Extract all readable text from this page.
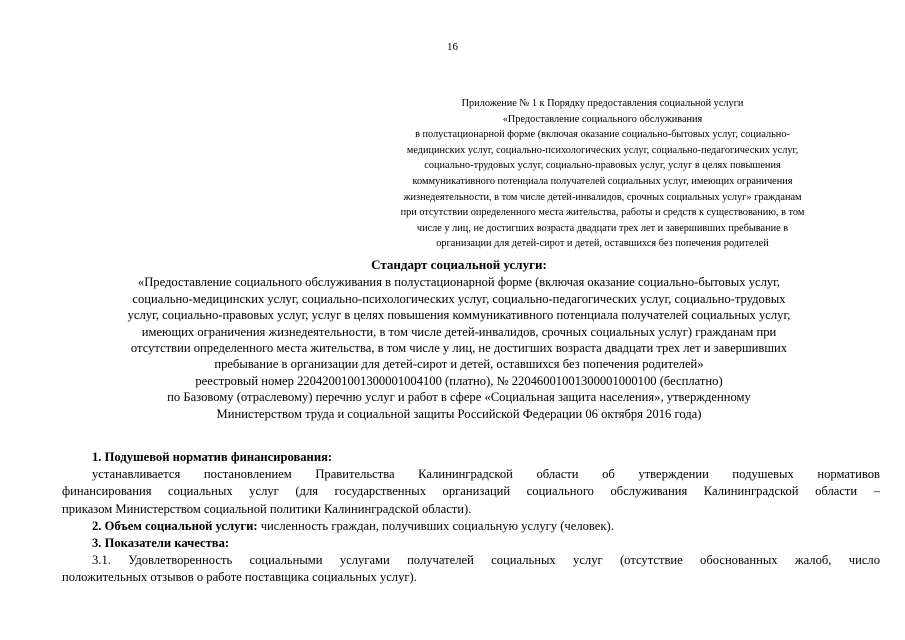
16
Приложение № 1 к Порядку предоставления социальной услуги
«Предоставление социального обслуживания
в полустационарной форме (включая оказание социально-бытовых услуг, социально-
медицинских услуг, социально-психологических услуг, социально-педагогических услуг,
социально-трудовых услуг, социально-правовых услуг, услуг в целях повышения
коммуникативного потенциала получателей социальных услуг, имеющих ограничения
жизнедеятельности, в том числе детей-инвалидов, срочных социальных услуг» гражданам
при отсутствии определенного места жительства, работы и средств к существованию, в том
числе у лиц, не достигших возраста двадцати трех лет и завершивших пребывание в
организации для детей-сирот и детей, оставшихся без попечения родителей
Стандарт социальной услуги:
«Предоставление социального обслуживания в полустационарной форме (включая оказание социально-бытовых услуг,
социально-медицинских услуг, социально-психологических услуг, социально-педагогических услуг, социально-трудовых
услуг, социально-правовых услуг, услуг в целях повышения коммуникативного потенциала получателей социальных услуг,
имеющих ограничения жизнедеятельности, в том числе детей-инвалидов, срочных социальных услуг) гражданам при
отсутствии определенного места жительства, в том числе у лиц, не достигших возраста двадцати трех лет и завершивших
пребывание в организации для детей-сирот и детей, оставшихся без попечения родителей»
реестровый номер 22042001001300001004100 (платно), № 22046001001300001000100 (бесплатно)
по Базовому (отраслевому) перечню услуг и работ в сфере «Социальная защита населения», утвержденному
Министерством труда и социальной защиты Российской Федерации 06 октября 2016 года)
1. Подушевой норматив финансирования:
устанавливается постановлением Правительства Калининградской области об утверждении подушевых нормативов
финансирования социальных услуг (для государственных организаций социального обслуживания Калининградской области –
приказом Министерством социальной политики Калининградской области).
2. Объем социальной услуги: численность граждан, получивших социальную услугу (человек).
3. Показатели качества:
3.1. Удовлетворенность социальными услугами получателей социальных услуг (отсутствие обоснованных жалоб, число
положительных отзывов о работе поставщика социальных услуг).
